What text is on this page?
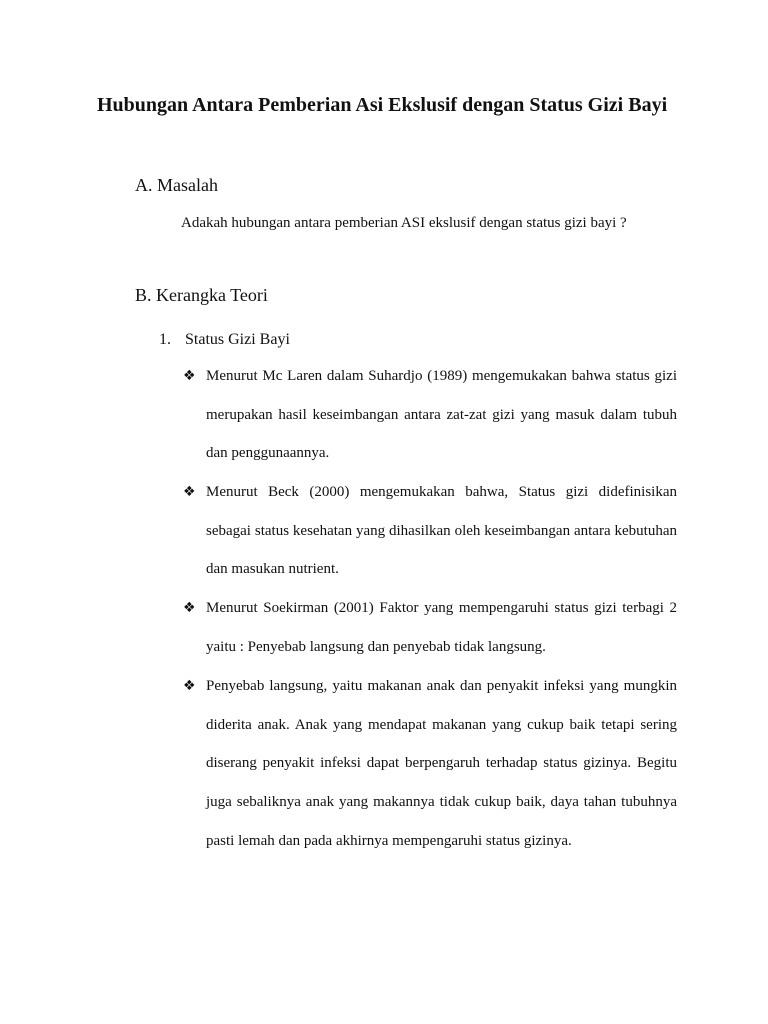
Hubungan Antara Pemberian Asi Ekslusif dengan Status Gizi Bayi
A. Masalah

Adakah hubungan antara pemberian ASI ekslusif dengan status gizi bayi ?

B. Kerangka Teori
1. Status Gizi Bayi
❖ Menurut Mc Laren dalam Suhardjo (1989) mengemukakan bahwa status gizi merupakan hasil keseimbangan antara zat-zat gizi yang masuk dalam tubuh dan penggunaannya.

❖ Menurut Beck (2000) mengemukakan bahwa, Status gizi didefinisikan sebagai status kesehatan yang dihasilkan oleh keseimbangan antara kebutuhan dan masukan nutrient.

❖ Menurut Soekirman (2001) Faktor yang mempengaruhi status gizi terbagi 2 yaitu : Penyebab langsung dan penyebab tidak langsung.

❖ Penyebab langsung, yaitu makanan anak dan penyakit infeksi yang mungkin diderita anak. Anak yang mendapat makanan yang cukup baik tetapi sering diserang penyakit infeksi dapat berpengaruh terhadap status gizinya. Begitu juga sebaliknya anak yang makannya tidak cukup baik, daya tahan tubuhnya pasti lemah dan pada akhirnya mempengaruhi status gizinya.
